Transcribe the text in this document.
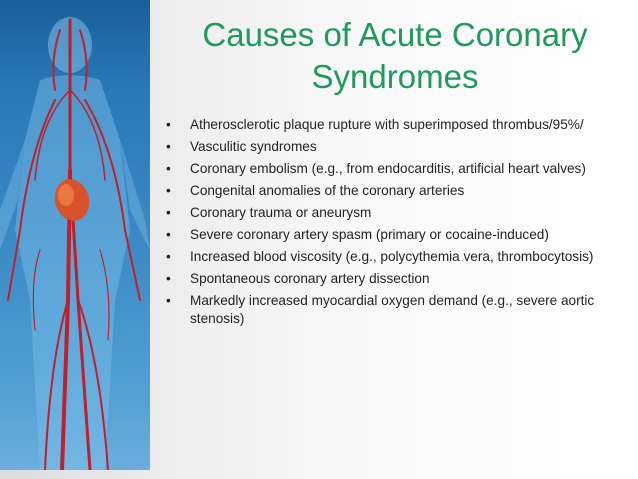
Causes of Acute Coronary Syndromes
• Atherosclerotic plaque rupture with superimposed thrombus/95%/
• Vasculitic syndromes
• Coronary embolism (e.g., from endocarditis, artificial heart valves)
• Congenital anomalies of the coronary arteries
• Coronary trauma or aneurysm
• Severe coronary artery spasm (primary or cocaine-induced)
• Increased blood viscosity (e.g., polycythemia vera, thrombocytosis)
• Spontaneous coronary artery dissection
• Markedly increased myocardial oxygen demand (e.g., severe aortic stenosis)
